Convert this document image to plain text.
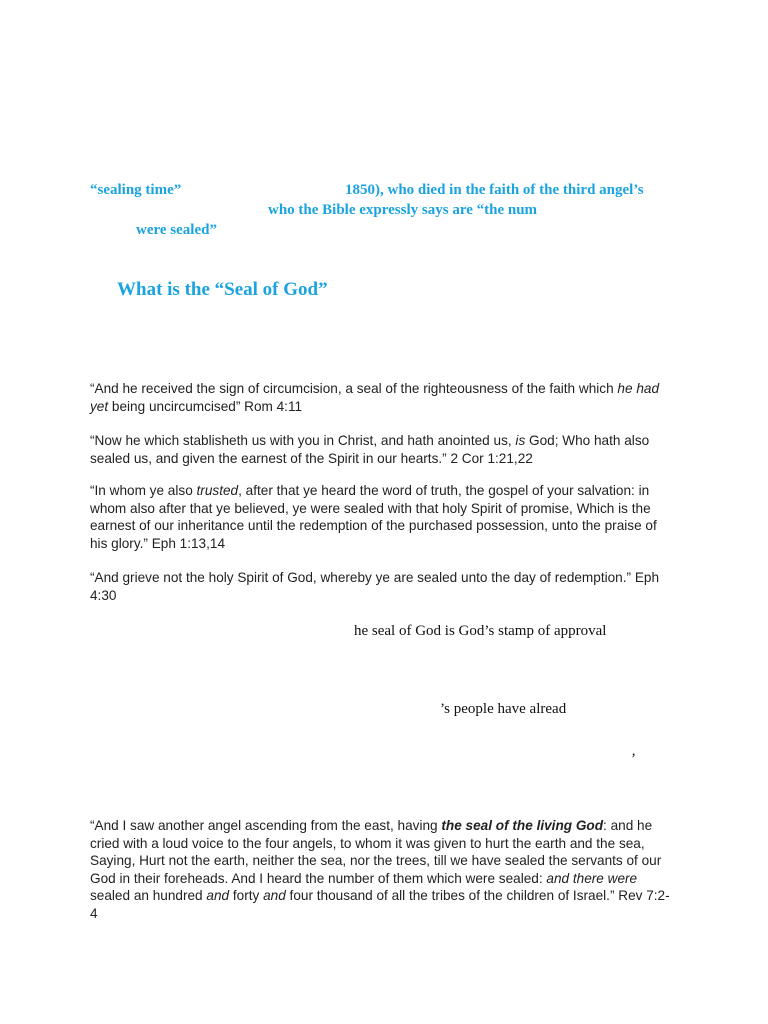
“sealing time”	1850), who died in the faith of the third angel’s
who the Bible expressly says are “the num
were sealed”
What is the “Seal of God”
“And he received the sign of circumcision, a seal of the righteousness of the faith which he had yet being uncircumcised” Rom 4:11
“Now he which stablisheth us with you in Christ, and hath anointed us, is God; Who hath also sealed us, and given the earnest of the Spirit in our hearts.” 2 Cor 1:21,22
“In whom ye also trusted, after that ye heard the word of truth, the gospel of your salvation: in whom also after that ye believed, ye were sealed with that holy Spirit of promise, Which is the earnest of our inheritance until the redemption of the purchased possession, unto the praise of his glory.” Eph 1:13,14
“And grieve not the holy Spirit of God, whereby ye are sealed unto the day of redemption.” Eph 4:30
he seal of God is God’s stamp of approval
’s people have alread
’
“And I saw another angel ascending from the east, having the seal of the living God: and he cried with a loud voice to the four angels, to whom it was given to hurt the earth and the sea, Saying, Hurt not the earth, neither the sea, nor the trees, till we have sealed the servants of our God in their foreheads. And I heard the number of them which were sealed: and there were sealed an hundred and forty and four thousand of all the tribes of the children of Israel.” Rev 7:2-4
